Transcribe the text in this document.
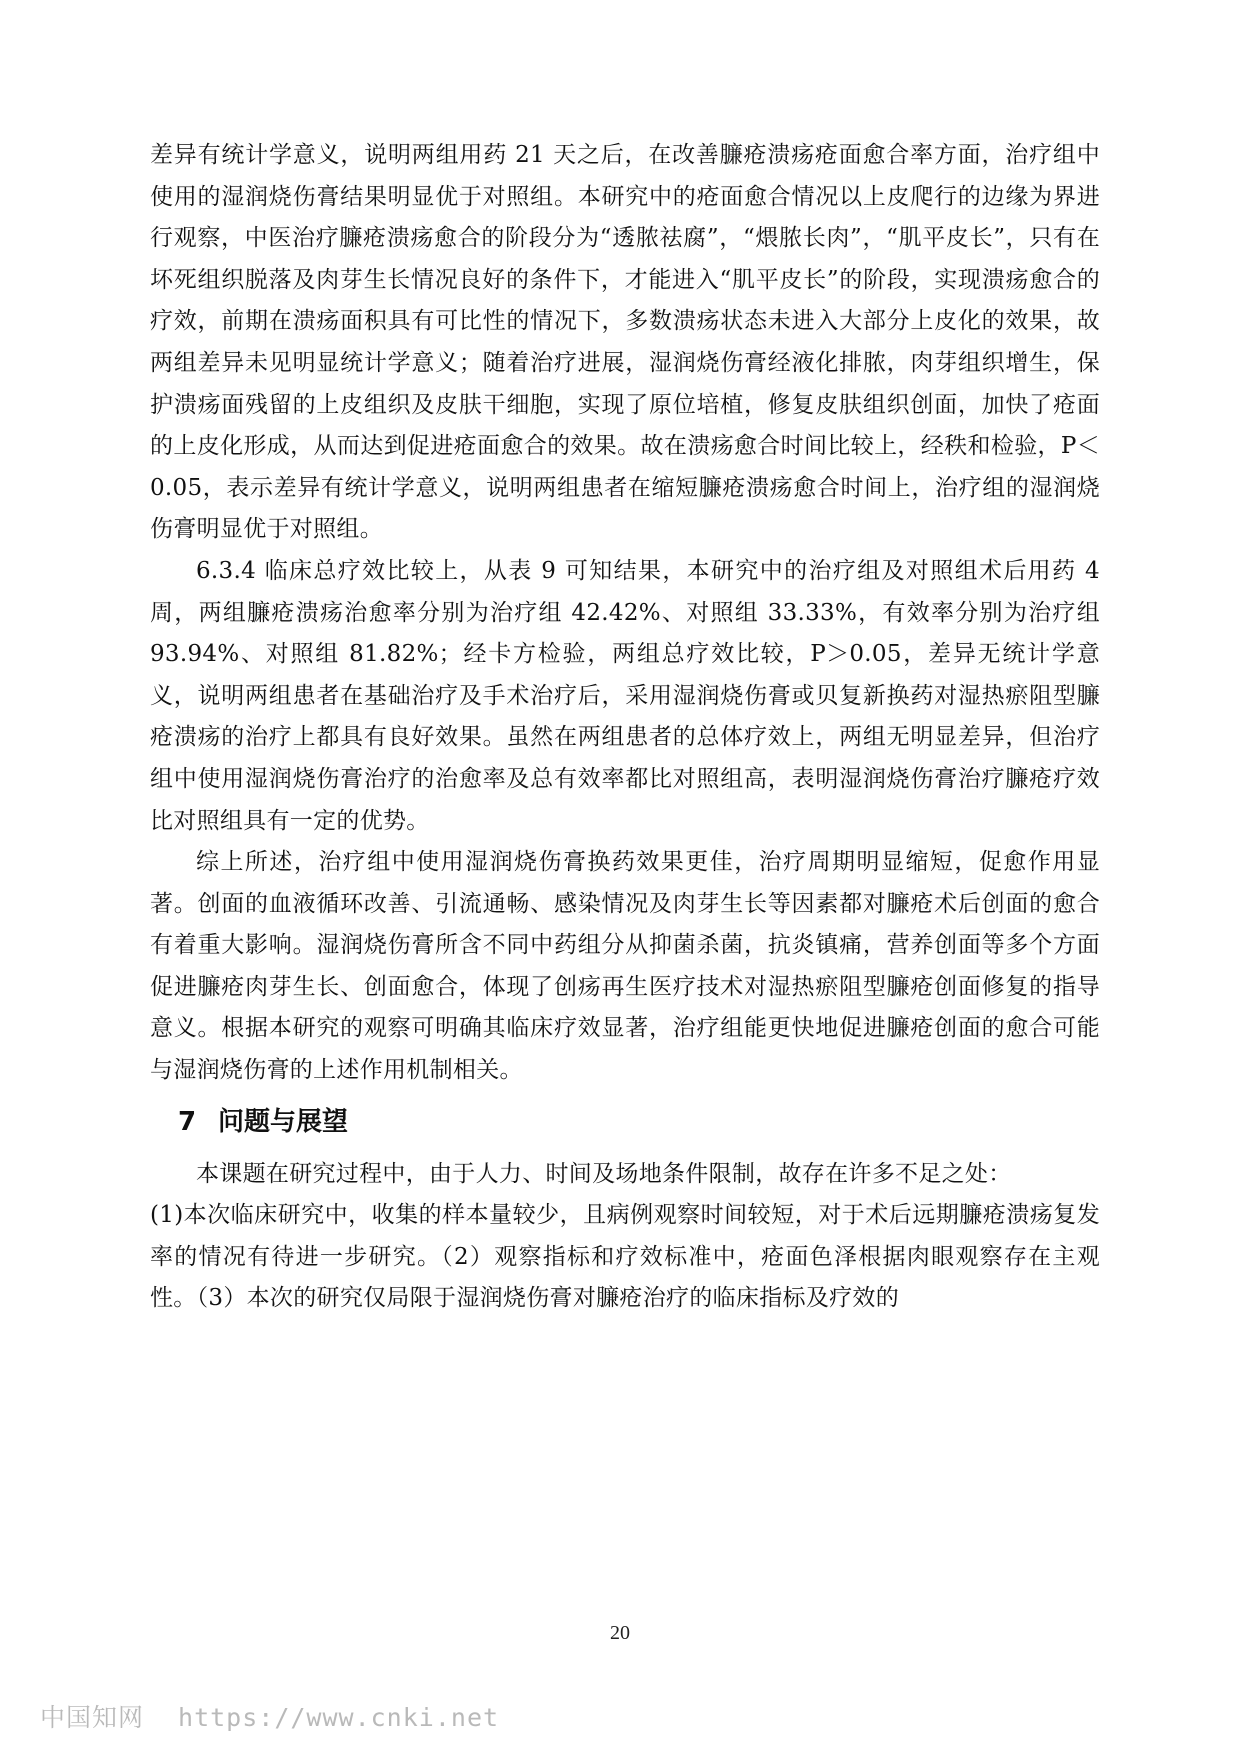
差异有统计学意义，说明两组用药 21 天之后，在改善臁疮溃疡疮面愈合率方面，治疗组中使用的湿润烧伤膏结果明显优于对照组。本研究中的疮面愈合情况以上皮爬行的边缘为界进行观察，中医治疗臁疮溃疡愈合的阶段分为“透脓祛腐”，“煨脓长肉”，“肌平皮长”，只有在坏死组织脱落及肉芽生长情况良好的条件下，才能进入“肌平皮长”的阶段，实现溃疡愈合的疗效，前期在溃疡面积具有可比性的情况下，多数溃疡状态未进入大部分上皮化的效果，故两组差异未见明显统计学意义；随着治疗进展，湿润烧伤膏经液化排脓，肉芽组织增生，保护溃疡面残留的上皮组织及皮肤干细胞，实现了原位培植，修复皮肤组织创面，加快了疮面的上皮化形成，从而达到促进疮面愈合的效果。故在溃疡愈合时间比较上，经秩和检验，P＜0.05，表示差异有统计学意义，说明两组患者在缩短臁疮溃疡愈合时间上，治疗组的湿润烧伤膏明显优于对照组。

6.3.4 临床总疗效比较上，从表 9 可知结果，本研究中的治疗组及对照组术后用药 4 周，两组臁疮溃疡治愈率分别为治疗组 42.42%、对照组 33.33%，有效率分别为治疗组 93.94%、对照组 81.82%；经卡方检验，两组总疗效比较，P＞0.05，差异无统计学意义，说明两组患者在基础治疗及手术治疗后，采用湿润烧伤膏或贝复新换药对湿热瘀阻型臁疮溃疡的治疗上都具有良好效果。虽然在两组患者的总体疗效上，两组无明显差异，但治疗组中使用湿润烧伤膏治疗的治愈率及总有效率都比对照组高，表明湿润烧伤膏治疗臁疮疗效比对照组具有一定的优势。

综上所述，治疗组中使用湿润烧伤膏换药效果更佳，治疗周期明显缩短，促愈作用显著。创面的血液循环改善、引流通畅、感染情况及肉芽生长等因素都对臁疮术后创面的愈合有着重大影响。湿润烧伤膏所含不同中药组分从抑菌杀菌，抗炎镇痛，营养创面等多个方面促进臁疮肉芽生长、创面愈合，体现了创疡再生医疗技术对湿热瘀阻型臁疮创面修复的指导意义。根据本研究的观察可明确其临床疗效显著，治疗组能更快地促进臁疮创面的愈合可能与湿润烧伤膏的上述作用机制相关。

7 问题与展望

本课题在研究过程中，由于人力、时间及场地条件限制，故存在许多不足之处：

(1)本次临床研究中，收集的样本量较少，且病例观察时间较短，对于术后远期臁疮溃疡复发率的情况有待进一步研究。（2）观察指标和疗效标准中，疮面色泽根据肉眼观察存在主观性。（3）本次的研究仅局限于湿润烧伤膏对臁疮治疗的临床指标及疗效的

20
中国知网 https://www.cnki.net
